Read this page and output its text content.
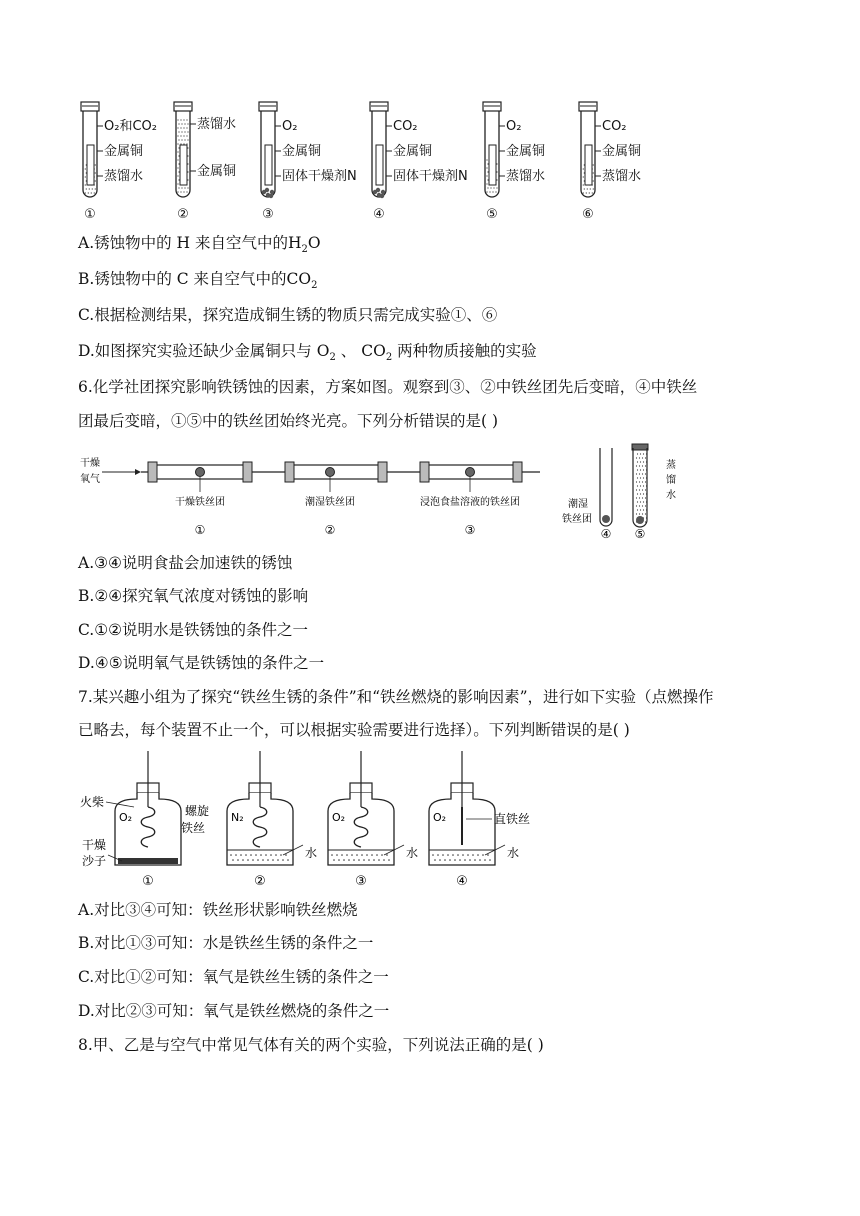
O₂和CO₂
金属铜
蒸馏水
①
蒸馏水
金属铜
②
O₂
金属铜
固体干燥剂N
③
CO₂
金属铜
固体干燥剂N
④
O₂
金属铜
蒸馏水
⑤
CO₂
金属铜
蒸馏水
⑥
A.锈蚀物中的 H 来自空气中的$H_2O$
B.锈蚀物中的 C 来自空气中的$CO_2$
C.根据检测结果，探究造成铜生锈的物质只需完成实验①、⑥
D.如图探究实验还缺少金属铜只与 $O_2$ 、 $CO_2$ 两种物质接触的实验
6.化学社团探究影响铁锈蚀的因素，方案如图。观察到③、②中铁丝团先后变暗，④中铁丝
团最后变暗，①⑤中的铁丝团始终光亮。下列分析错误的是( )
干燥
氧气
干燥铁丝团
①
潮湿铁丝团
②
浸泡食盐溶液的铁丝团
③
潮湿
铁丝团
④
蒸
馏
水
⑤
A.③④说明食盐会加速铁的锈蚀
B.②④探究氧气浓度对锈蚀的影响
C.①②说明水是铁锈蚀的条件之一
D.④⑤说明氧气是铁锈蚀的条件之一
7.某兴趣小组为了探究“铁丝生锈的条件”和“铁丝燃烧的影响因素”，进行如下实验（点燃操作
已略去，每个装置不止一个，可以根据实验需要进行选择）。下列判断错误的是( )
O₂
①
N₂
水
②
O₂
水
③
O₂
水
④
火柴
干燥
沙子
螺旋
铁丝
直铁丝
A.对比③④可知：铁丝形状影响铁丝燃烧
B.对比①③可知：水是铁丝生锈的条件之一
C.对比①②可知：氧气是铁丝生锈的条件之一
D.对比②③可知：氧气是铁丝燃烧的条件之一
8.甲、乙是与空气中常见气体有关的两个实验，下列说法正确的是( )
